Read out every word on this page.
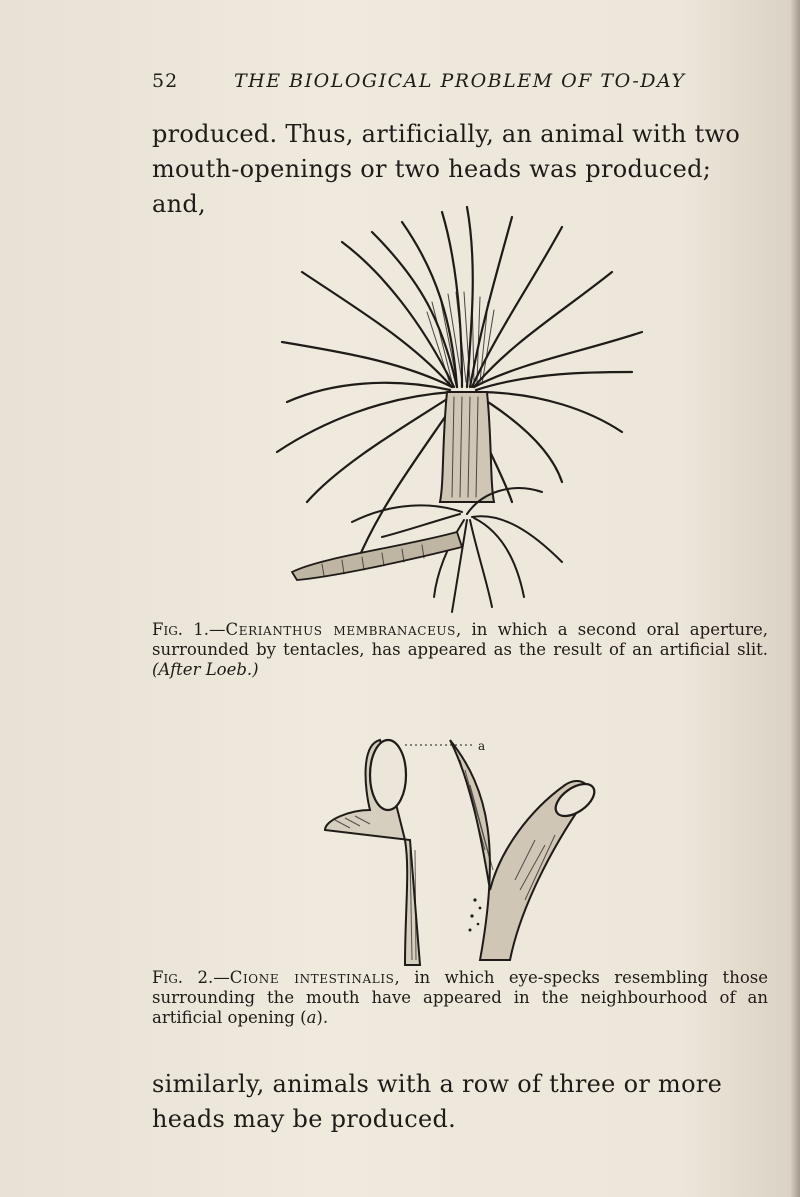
52	THE BIOLOGICAL PROBLEM OF TO-DAY
produced. Thus, artificially, an animal with two mouth-openings or two heads was produced; and,
Fig. 1.—Cerianthus membranaceus, in which a second oral aperture, surrounded by tentacles, has appeared as the result of an artificial slit. (After Loeb.)
a
Fig. 2.—Cione intestinalis, in which eye-specks resembling those surrounding the mouth have appeared in the neighbourhood of an artificial opening (a).
similarly, animals with a row of three or more heads may be produced.
